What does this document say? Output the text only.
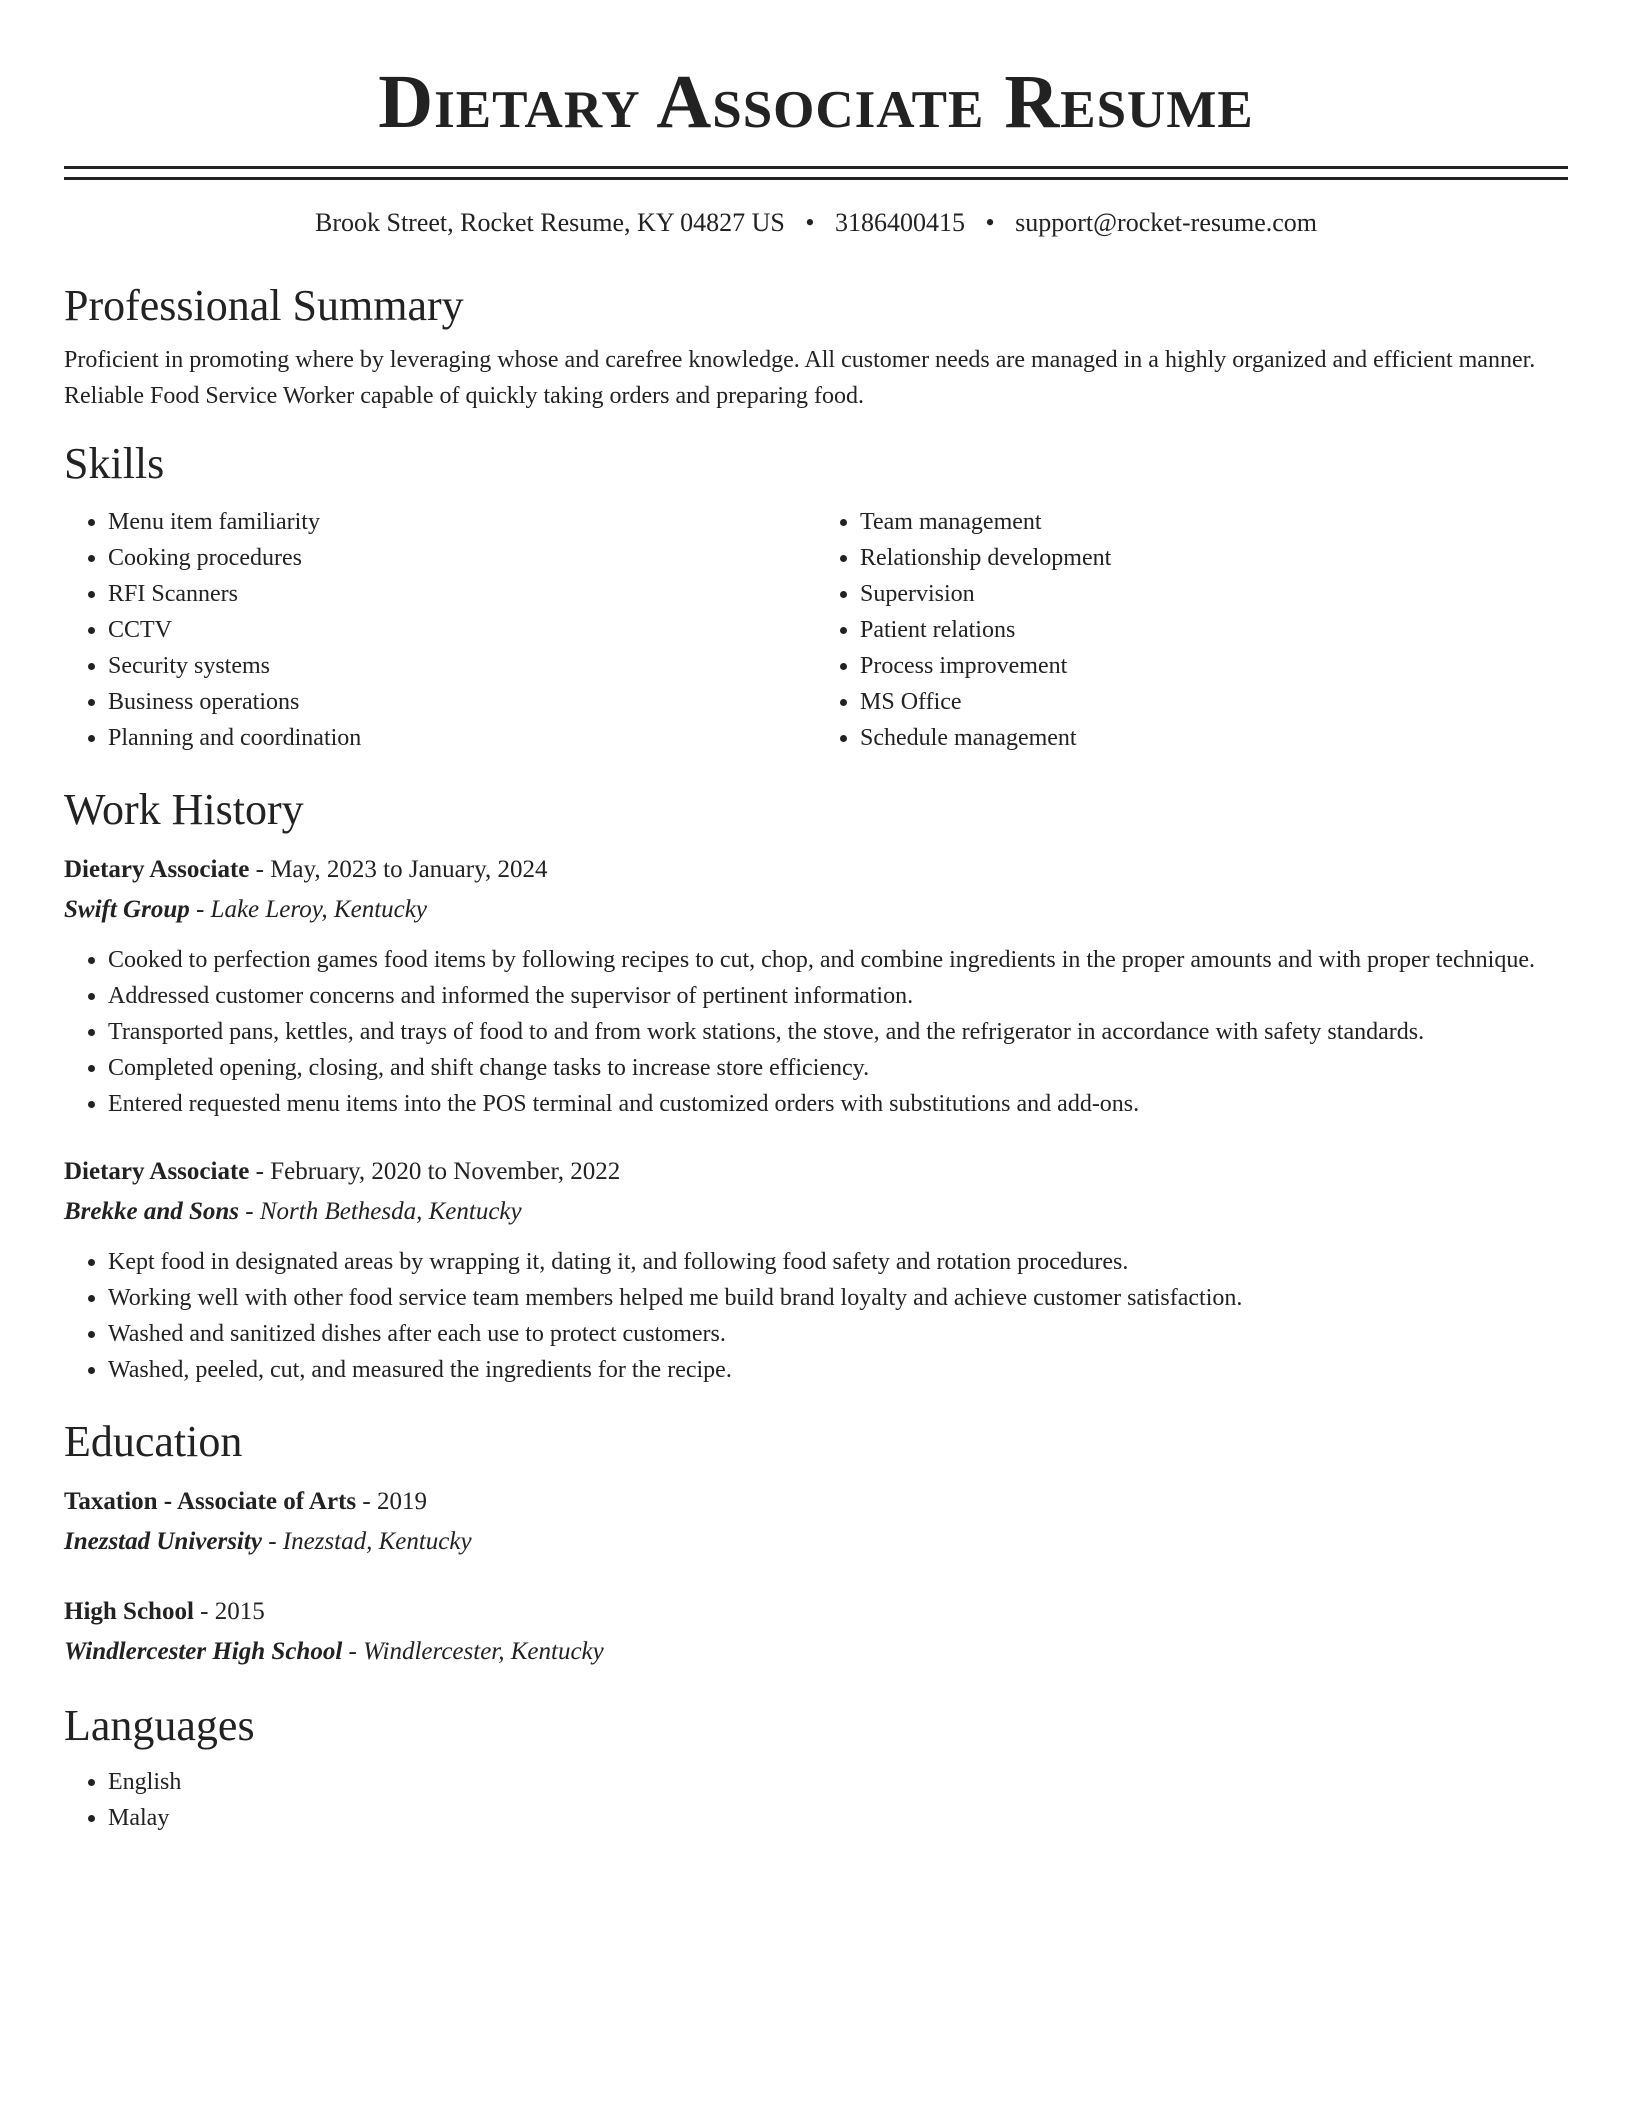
Dietary Associate Resume
Brook Street, Rocket Resume, KY 04827 US • 3186400415 • support@rocket-resume.com
Professional Summary

Proficient in promoting where by leveraging whose and carefree knowledge. All customer needs are managed in a highly organized and efficient manner. Reliable Food Service Worker capable of quickly taking orders and preparing food.

Skills
• Menu item familiarity
• Cooking procedures
• RFI Scanners
• CCTV
• Security systems
• Business operations
• Planning and coordination
• Team management
• Relationship development
• Supervision
• Patient relations
• Process improvement
• MS Office
• Schedule management
Work History
Dietary Associate - May, 2023 to January, 2024
Swift Group - Lake Leroy, Kentucky
• Cooked to perfection games food items by following recipes to cut, chop, and combine ingredients in the proper amounts and with proper technique.
• Addressed customer concerns and informed the supervisor of pertinent information.
• Transported pans, kettles, and trays of food to and from work stations, the stove, and the refrigerator in accordance with safety standards.
• Completed opening, closing, and shift change tasks to increase store efficiency.
• Entered requested menu items into the POS terminal and customized orders with substitutions and add-ons.
Dietary Associate - February, 2020 to November, 2022
Brekke and Sons - North Bethesda, Kentucky
• Kept food in designated areas by wrapping it, dating it, and following food safety and rotation procedures.
• Working well with other food service team members helped me build brand loyalty and achieve customer satisfaction.
• Washed and sanitized dishes after each use to protect customers.
• Washed, peeled, cut, and measured the ingredients for the recipe.
Education
Taxation - Associate of Arts - 2019
Inezstad University - Inezstad, Kentucky
High School - 2015
Windlercester High School - Windlercester, Kentucky
Languages
• English
• Malay
